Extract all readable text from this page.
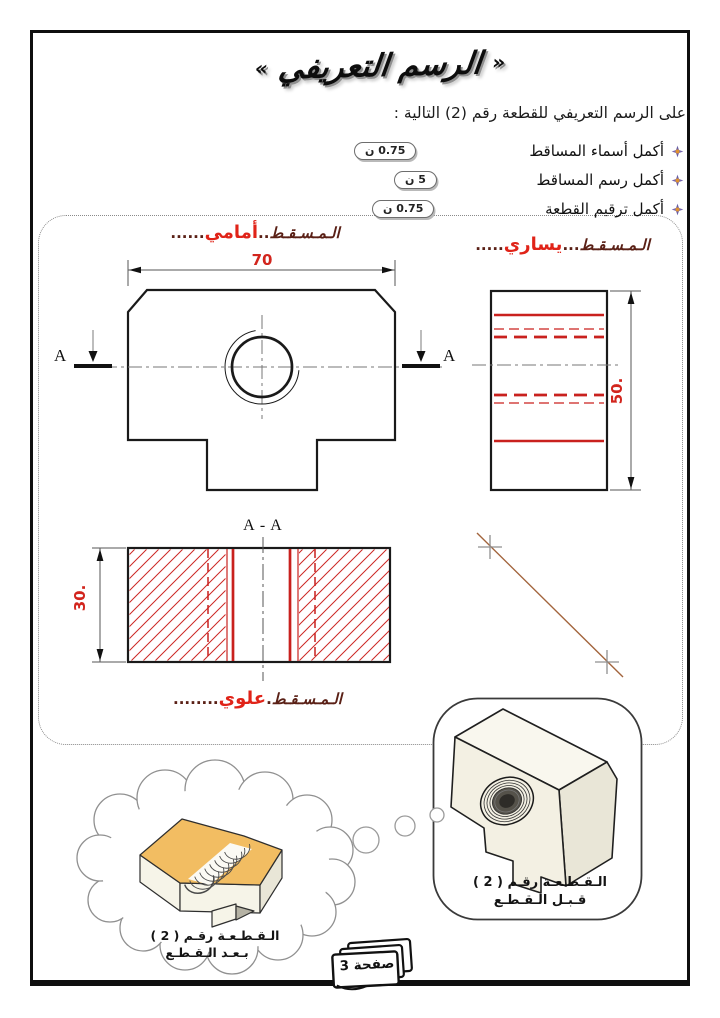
« الرسم التعريفي »
على الرسم التعريفي للقطعة رقم (2) التالية :
أكمل أسماء المساقط
0.75 ن
أكمل رسم المساقط
5 ن
أكمل ترقيم القطعة
0.75 ن
الـمـسـقـط..أمامي......
70
الـمـسـقـط...يساري.....
50.
A	A
A - A
30.
الـمـسـقـط.علوي........
الـقـطـعـة رقـم ( 2 )
قـبـل الـقـطـع
الـقـطـعـة رقـم ( 2 )
بـعـد الـقـطـع
صفحة 3
